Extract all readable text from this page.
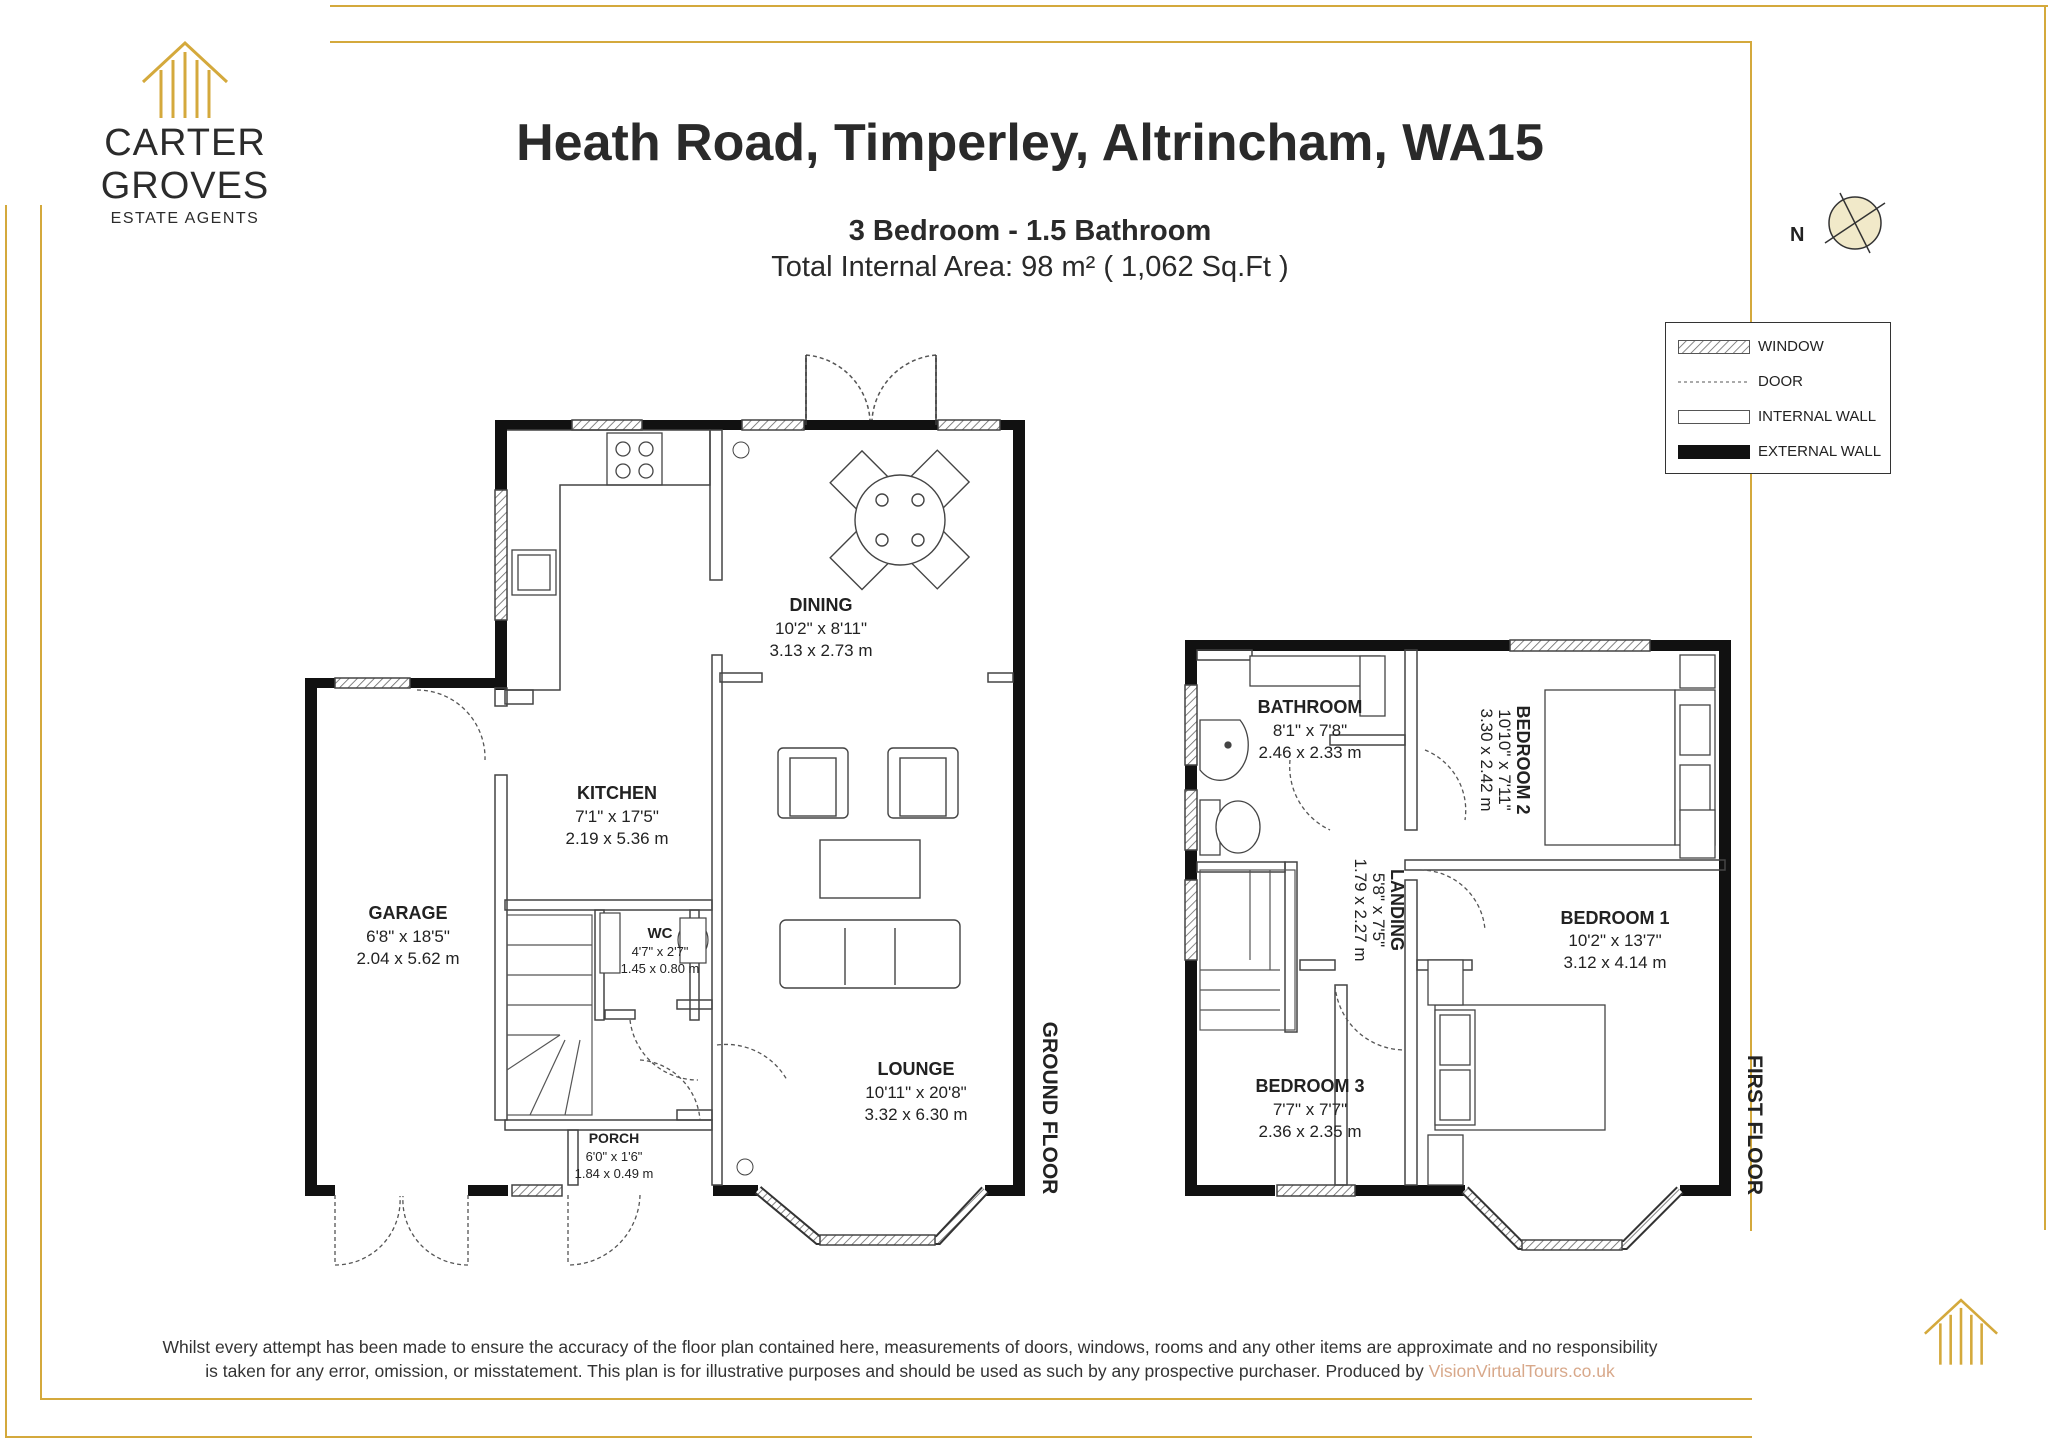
CARTER GROVES
ESTATE AGENTS
Heath Road, Timperley, Altrincham, WA15
3 Bedroom - 1.5 Bathroom
Total Internal Area: 98 m² ( 1,062 Sq.Ft )
N
WINDOW
DOOR
INTERNAL WALL
EXTERNAL WALL
DINING
10'2" x 8'11"
3.13 x 2.73 m
KITCHEN
7'1" x 17'5"
2.19 x 5.36 m
GARAGE
6'8" x 18'5"
2.04 x 5.62 m
WC
4'7" x 2'7"
1.45 x 0.80 m
LOUNGE
10'11" x 20'8"
3.32 x 6.30 m
PORCH
6'0" x 1'6"
1.84 x 0.49 m	GROUND FLOOR
BATHROOM
8'1" x 7'8"
2.46 x 2.33 m	BEDROOM 2
10'10" x 7'11"
3.30 x 2.42 m
LANDING
5'8" x 7'5"
1.79 x 2.27 m	BEDROOM 1
10'2" x 13'7"
3.12 x 4.14 m
BEDROOM 3
7'7" x 7'7"
2.36 x 2.35 m	FIRST FLOOR
Whilst every attempt has been made to ensure the accuracy of the floor plan contained here, measurements of doors, windows, rooms and any other items are approximate and no responsibility
is taken for any error, omission, or misstatement. This plan is for illustrative purposes and should be used as such by any prospective purchaser. Produced by VisionVirtualTours.co.uk
